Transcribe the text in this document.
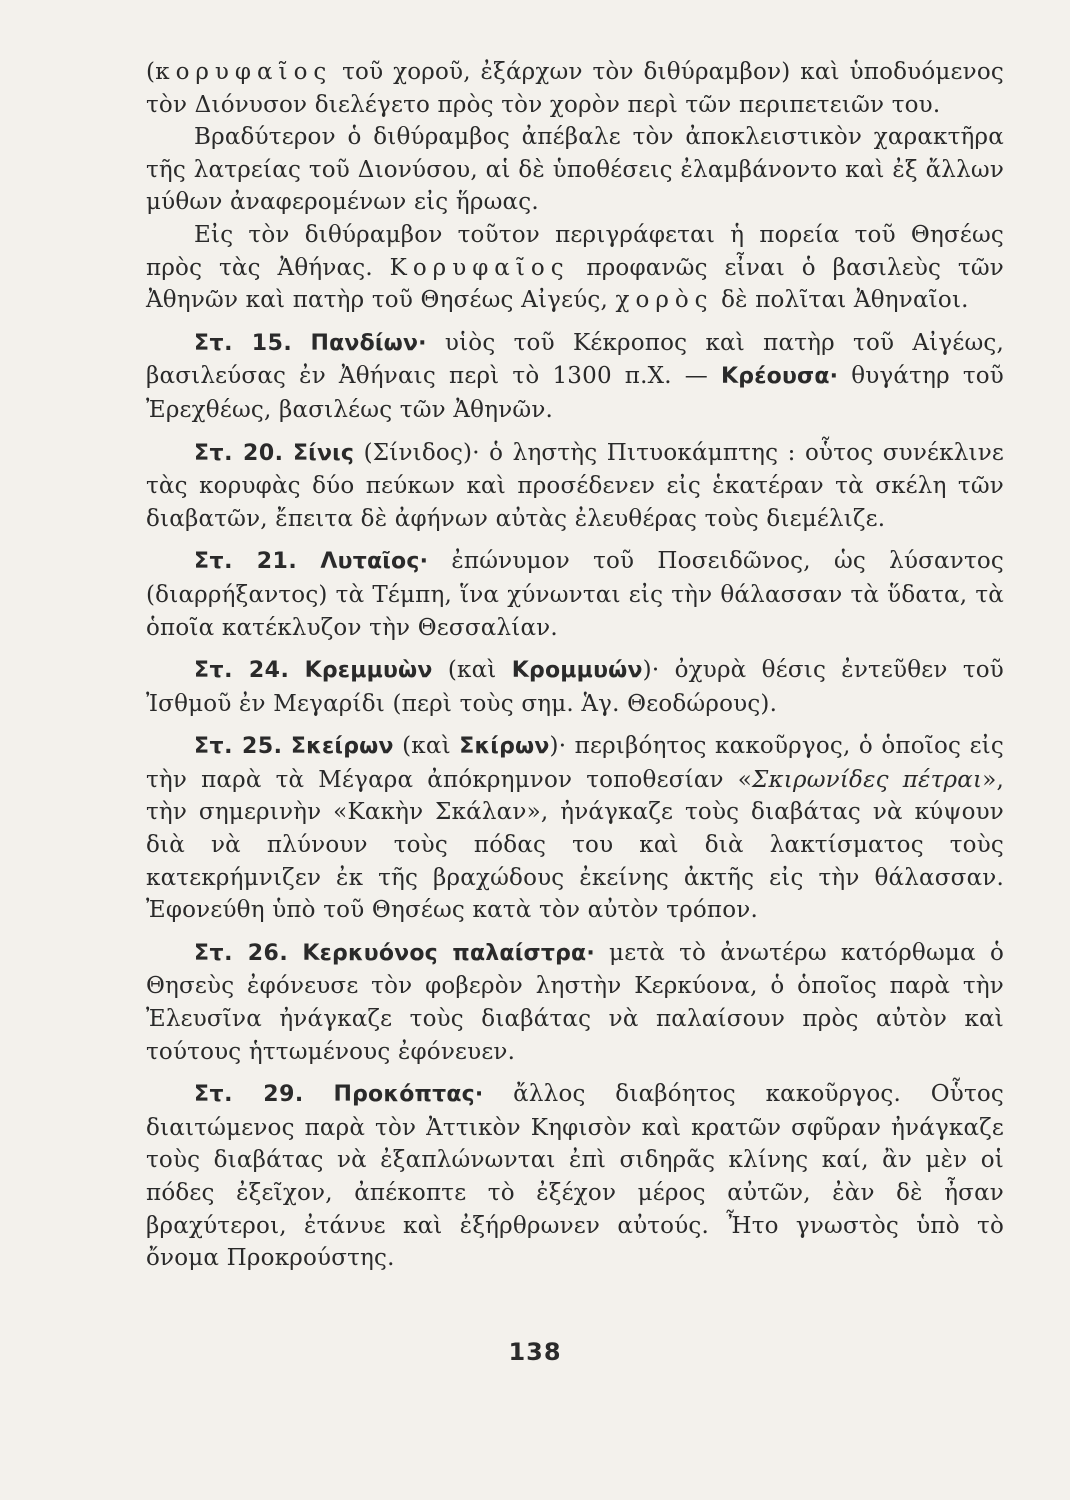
(κορυφαῖος τοῦ χοροῦ, ἐξάρχων τὸν διθύραμβον) καὶ ὑποδυόμενος τὸν Διόνυσον διελέγετο πρὸς τὸν χορὸν περὶ τῶν περιπετειῶν του.

Βραδύτερον ὁ διθύραμβος ἀπέβαλε τὸν ἀποκλειστικὸν χαρακτῆρα τῆς λατρείας τοῦ Διονύσου, αἱ δὲ ὑποθέσεις ἐλαμβάνοντο καὶ ἐξ ἄλλων μύθων ἀναφερομένων εἰς ἥρωας.

Εἰς τὸν διθύραμβον τοῦτον περιγράφεται ἡ πορεία τοῦ Θησέως πρὸς τὰς Ἀθήνας. Κορυφαῖος προφανῶς εἶναι ὁ βασιλεὺς τῶν Ἀθηνῶν καὶ πατὴρ τοῦ Θησέως Αἰγεύς, χορὸς δὲ πολῖται Ἀθηναῖοι.

Στ. 15. Πανδίων· υἱὸς τοῦ Κέκροπος καὶ πατὴρ τοῦ Αἰγέως, βασιλεύσας ἐν Ἀθήναις περὶ τὸ 1300 π.Χ. — Κρέουσα· θυγάτηρ τοῦ Ἐρεχθέως, βασιλέως τῶν Ἀθηνῶν.

Στ. 20. Σίνις (Σίνιδος)· ὁ ληστὴς Πιτυοκάμπτης : οὗτος συνέκλινε τὰς κορυφὰς δύο πεύκων καὶ προσέδενεν εἰς ἑκατέραν τὰ σκέλη τῶν διαβατῶν, ἔπειτα δὲ ἀφήνων αὐτὰς ἐλευθέρας τοὺς διεμέλιζε.

Στ. 21. Λυταῖος· ἐπώνυμον τοῦ Ποσειδῶνος, ὡς λύσαντος (διαρρήξαντος) τὰ Τέμπη, ἵνα χύνωνται εἰς τὴν θάλασσαν τὰ ὕδατα, τὰ ὁποῖα κατέκλυζον τὴν Θεσσαλίαν.

Στ. 24. Κρεμμυὼν (καὶ Κρομμυών)· ὀχυρὰ θέσις ἐντεῦθεν τοῦ Ἰσθμοῦ ἐν Μεγαρίδι (περὶ τοὺς σημ. Ἁγ. Θεοδώρους).

Στ. 25. Σκείρων (καὶ Σκίρων)· περιβόητος κακοῦργος, ὁ ὁποῖος εἰς τὴν παρὰ τὰ Μέγαρα ἀπόκρημνον τοποθεσίαν «Σκιρωνίδες πέτραι», τὴν σημερινὴν «Κακὴν Σκάλαν», ἠνάγκαζε τοὺς διαβάτας νὰ κύψουν διὰ νὰ πλύνουν τοὺς πόδας του καὶ διὰ λακτίσματος τοὺς κατεκρήμνιζεν ἐκ τῆς βραχώδους ἐκείνης ἀκτῆς εἰς τὴν θάλασσαν. Ἐφονεύθη ὑπὸ τοῦ Θησέως κατὰ τὸν αὐτὸν τρόπον.

Στ. 26. Κερκυόνος παλαίστρα· μετὰ τὸ ἀνωτέρω κατόρθωμα ὁ Θησεὺς ἐφόνευσε τὸν φοβερὸν ληστὴν Κερκύονα, ὁ ὁποῖος παρὰ τὴν Ἐλευσῖνα ἠνάγκαζε τοὺς διαβάτας νὰ παλαίσουν πρὸς αὐτὸν καὶ τούτους ἡττωμένους ἐφόνευεν.

Στ. 29. Προκόπτας· ἄλλος διαβόητος κακοῦργος. Οὗτος διαιτώμενος παρὰ τὸν Ἀττικὸν Κηφισὸν καὶ κρατῶν σφῦραν ἠνάγκαζε τοὺς διαβάτας νὰ ἐξαπλώνωνται ἐπὶ σιδηρᾶς κλίνης καί, ἂν μὲν οἱ πόδες ἐξεῖχον, ἀπέκοπτε τὸ ἐξέχον μέρος αὐτῶν, ἐὰν δὲ ἦσαν βραχύτεροι, ἐτάνυε καὶ ἐξήρθρωνεν αὐτούς. Ἦτο γνωστὸς ὑπὸ τὸ ὄνομα Προκρούστης.

138
